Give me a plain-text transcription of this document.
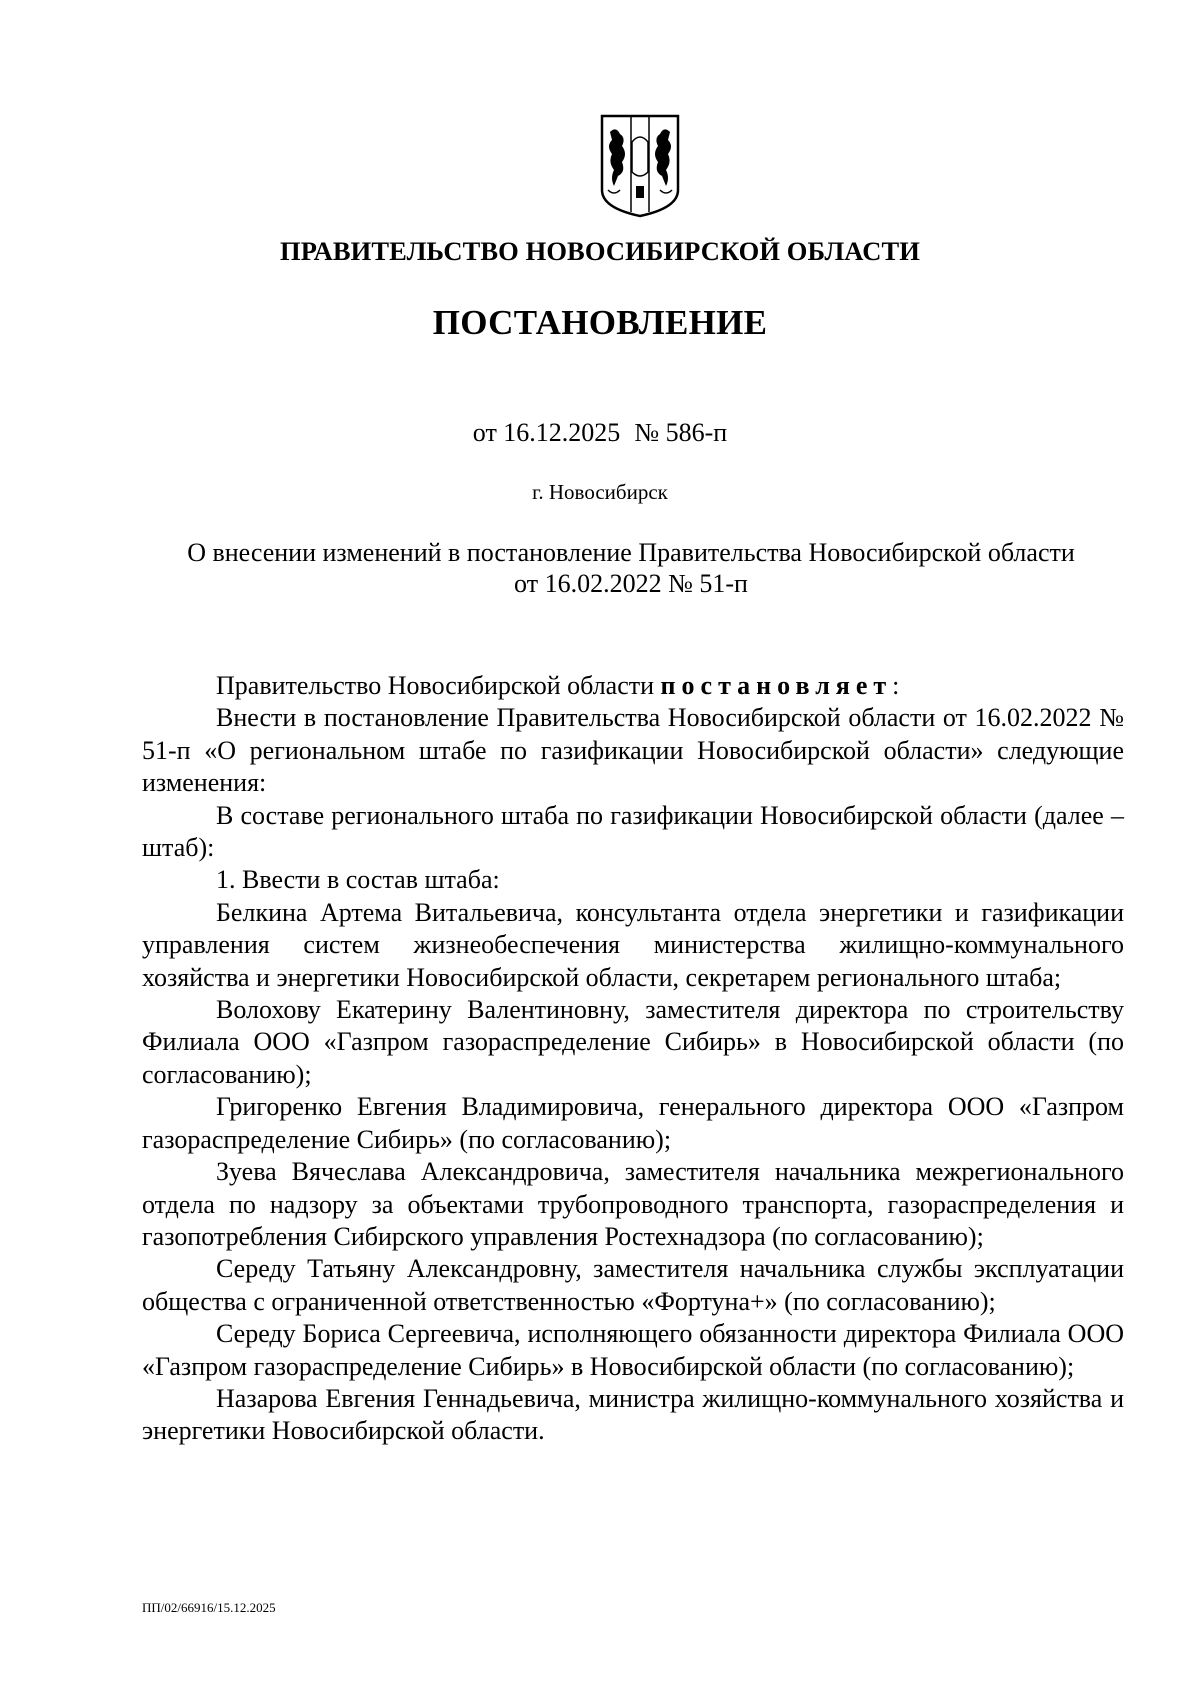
ПРАВИТЕЛЬСТВО НОВОСИБИРСКОЙ ОБЛАСТИ
ПОСТАНОВЛЕНИЕ
от 16.12.2025 № 586-п
г. Новосибирск
О внесении изменений в постановление Правительства Новосибирской области
от 16.02.2022 № 51-п

Правительство Новосибирской области постановляет:

Внести в постановление Правительства Новосибирской области от 16.02.2022 № 51-п «О региональном штабе по газификации Новосибирской области» следующие изменения:

В составе регионального штаба по газификации Новосибирской области (далее – штаб):

1. Ввести в состав штаба:

Белкина Артема Витальевича, консультанта отдела энергетики и газификации управления систем жизнеобеспечения министерства жилищно-коммунального хозяйства и энергетики Новосибирской области, секретарем регионального штаба;

Волохову Екатерину Валентиновну, заместителя директора по строительству Филиала ООО «Газпром газораспределение Сибирь» в Новосибирской области (по согласованию);

Григоренко Евгения Владимировича, генерального директора ООО «Газпром газораспределение Сибирь» (по согласованию);

Зуева Вячеслава Александровича, заместителя начальника межрегионального отдела по надзору за объектами трубопроводного транспорта, газораспределения и газопотребления Сибирского управления Ростехнадзора (по согласованию);

Середу Татьяну Александровну, заместителя начальника службы эксплуатации общества с ограниченной ответственностью «Фортуна+» (по согласованию);

Середу Бориса Сергеевича, исполняющего обязанности директора Филиала ООО «Газпром газораспределение Сибирь» в Новосибирской области (по согласованию);

Назарова Евгения Геннадьевича, министра жилищно-коммунального хозяйства и энергетики Новосибирской области.

ПП/02/66916/15.12.2025
